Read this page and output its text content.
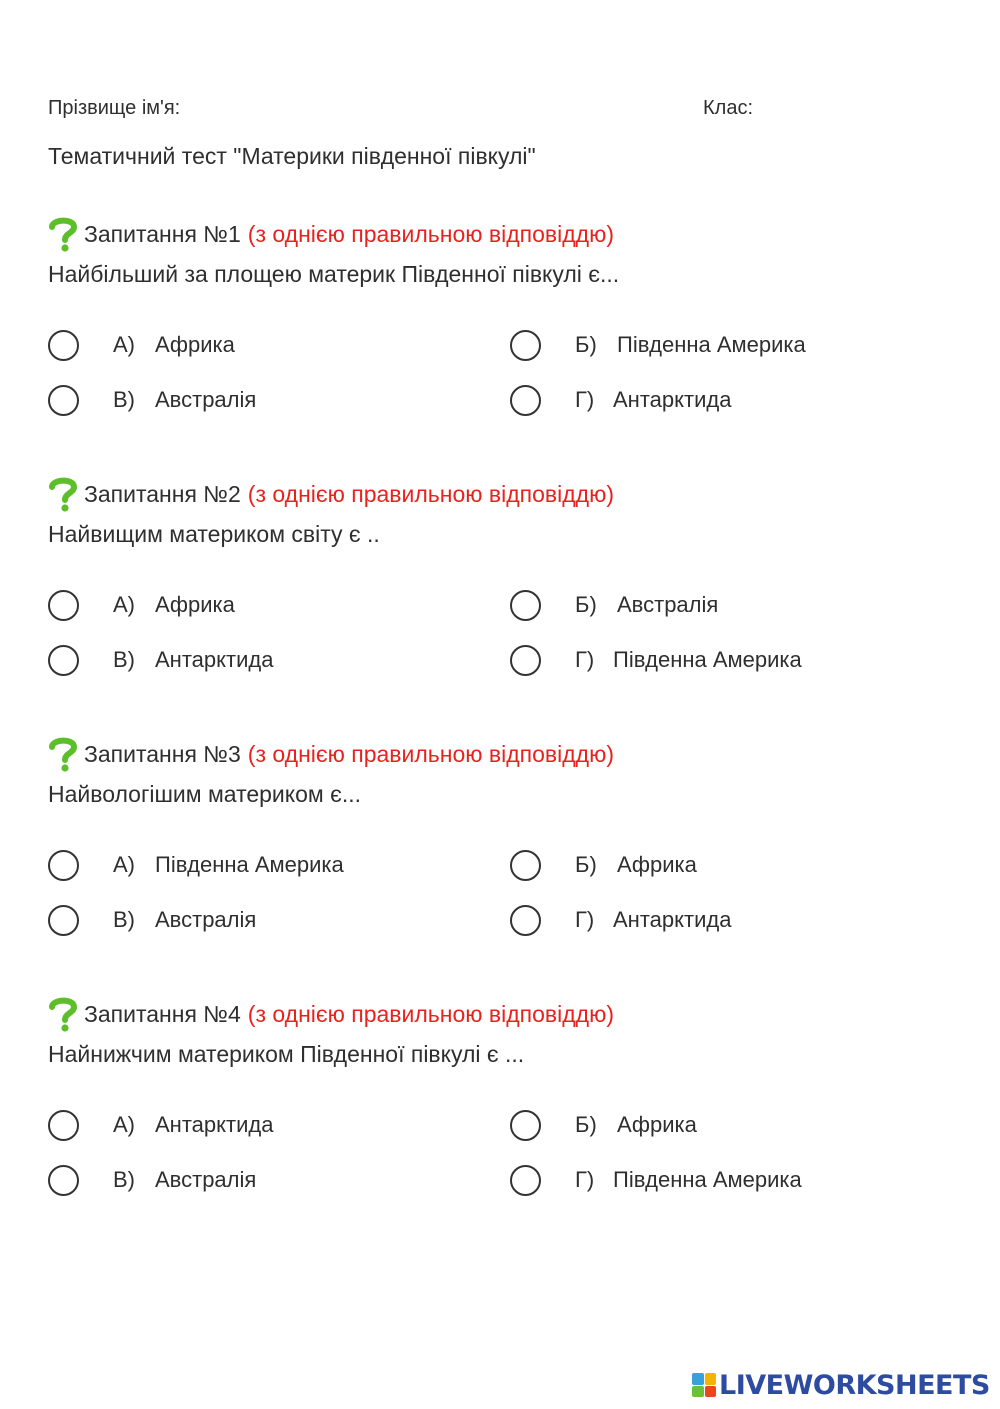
Прізвище ім'я:	Клас:
Тематичний тест "Материки південної півкулі"
Запитання №1 (з однією правильною відповіддю)
Найбільший за площею материк Південної півкулі є...
А) Африка	Б) Південна Америка
В) Австралія	Г) Антарктида
Запитання №2 (з однією правильною відповіддю)
Найвищим материком світу є ..
А) Африка	Б) Австралія
В) Антарктида	Г) Південна Америка
Запитання №3 (з однією правильною відповіддю)
Найвологішим материком є...
А) Південна Америка	Б) Африка
В) Австралія	Г) Антарктида
Запитання №4 (з однією правильною відповіддю)
Найнижчим материком Південної півкулі є ...
А) Антарктида	Б) Африка
В) Австралія	Г) Південна Америка
LIVEWORKSHEETS
